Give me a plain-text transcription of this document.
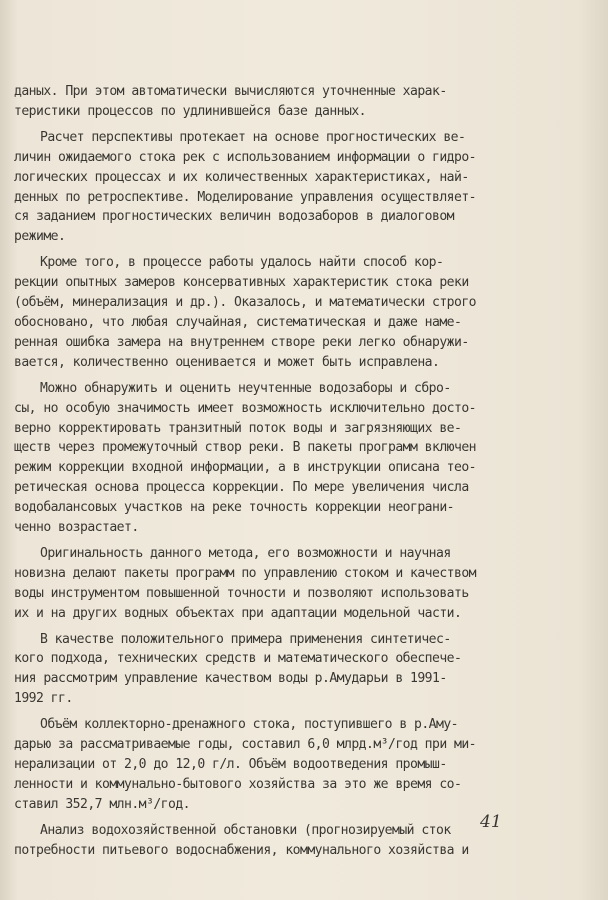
даных. При этом автоматически вычисляются уточненные харак-
теристики процессов по удлинившейся базе данных.
Расчет перспективы протекает на основе прогностических ве-
личин ожидаемого стока рек с использованием информации о гидро-
логических процессах и их количественных характеристиках, най-
денных по ретроспективе. Моделирование управления осуществляет-
ся заданием прогностических величин водозаборов в диалоговом
режиме.
Кроме того, в процессе работы удалось найти способ кор-
рекции опытных замеров консервативных характеристик стока реки
(объём, минерализация и др.). Оказалось, и математически строго
обосновано, что любая случайная, систематическая и даже наме-
ренная ошибка замера на внутреннем створе реки легко обнаружи-
вается, количественно оценивается и может быть исправлена.
Можно обнаружить и оценить неучтенные водозаборы и сбро-
сы, но особую значимость имеет возможность исключительно досто-
верно корректировать транзитный поток воды и загрязняющих ве-
ществ через промежуточный створ реки. В пакеты программ включен
режим коррекции входной информации, а в инструкции описана тео-
ретическая основа процесса коррекции. По мере увеличения числа
водобалансовых участков на реке точность коррекции неограни-
ченно возрастает.
Оригинальность данного метода, его возможности и научная
новизна делают пакеты программ по управлению стоком и качеством
воды инструментом повышенной точности и позволяют использовать
их и на других водных объектах при адаптации модельной части.
В качестве положительного примера применения синтетичес-
кого подхода, технических средств и математического обеспече-
ния рассмотрим управление качеством воды р.Амударьи в 1991-
1992 гг.
Объём коллекторно-дренажного стока, поступившего в р.Аму-
дарью за рассматриваемые годы, составил 6,0 млрд.м³/год при ми-
нерализации от 2,0 до 12,0 г/л. Объём водоотведения промыш-
ленности и коммунально-бытового хозяйства за это же время со-
ставил 352,7 млн.м³/год.
Анализ водохозяйственной обстановки (прогнозируемый сток
потребности питьевого водоснабжения, коммунального хозяйства и
41
